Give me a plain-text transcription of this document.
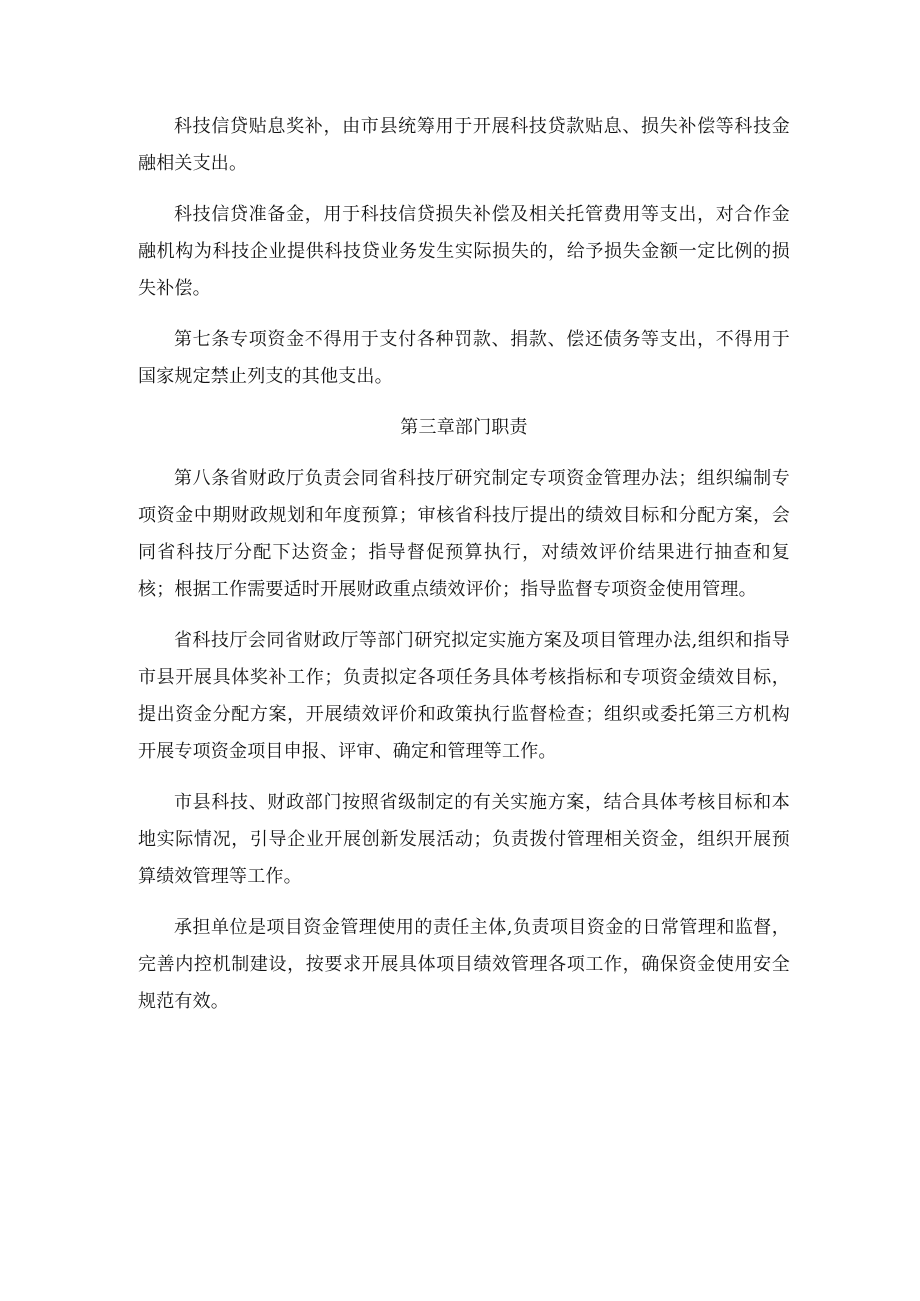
科技信贷贴息奖补，由市县统筹用于开展科技贷款贴息、损失补偿等科技金融相关支出。

科技信贷准备金，用于科技信贷损失补偿及相关托管费用等支出，对合作金融机构为科技企业提供科技贷业务发生实际损失的，给予损失金额一定比例的损失补偿。

第七条专项资金不得用于支付各种罚款、捐款、偿还债务等支出，不得用于国家规定禁止列支的其他支出。

第三章部门职责

第八条省财政厅负责会同省科技厅研究制定专项资金管理办法；组织编制专项资金中期财政规划和年度预算；审核省科技厅提出的绩效目标和分配方案，会同省科技厅分配下达资金；指导督促预算执行，对绩效评价结果进行抽查和复核；根据工作需要适时开展财政重点绩效评价；指导监督专项资金使用管理。

省科技厅会同省财政厅等部门研究拟定实施方案及项目管理办法,组织和指导市县开展具体奖补工作；负责拟定各项任务具体考核指标和专项资金绩效目标，提出资金分配方案，开展绩效评价和政策执行监督检查；组织或委托第三方机构开展专项资金项目申报、评审、确定和管理等工作。

市县科技、财政部门按照省级制定的有关实施方案，结合具体考核目标和本地实际情况，引导企业开展创新发展活动；负责拨付管理相关资金，组织开展预算绩效管理等工作。

承担单位是项目资金管理使用的责任主体,负责项目资金的日常管理和监督，完善内控机制建设，按要求开展具体项目绩效管理各项工作，确保资金使用安全规范有效。
